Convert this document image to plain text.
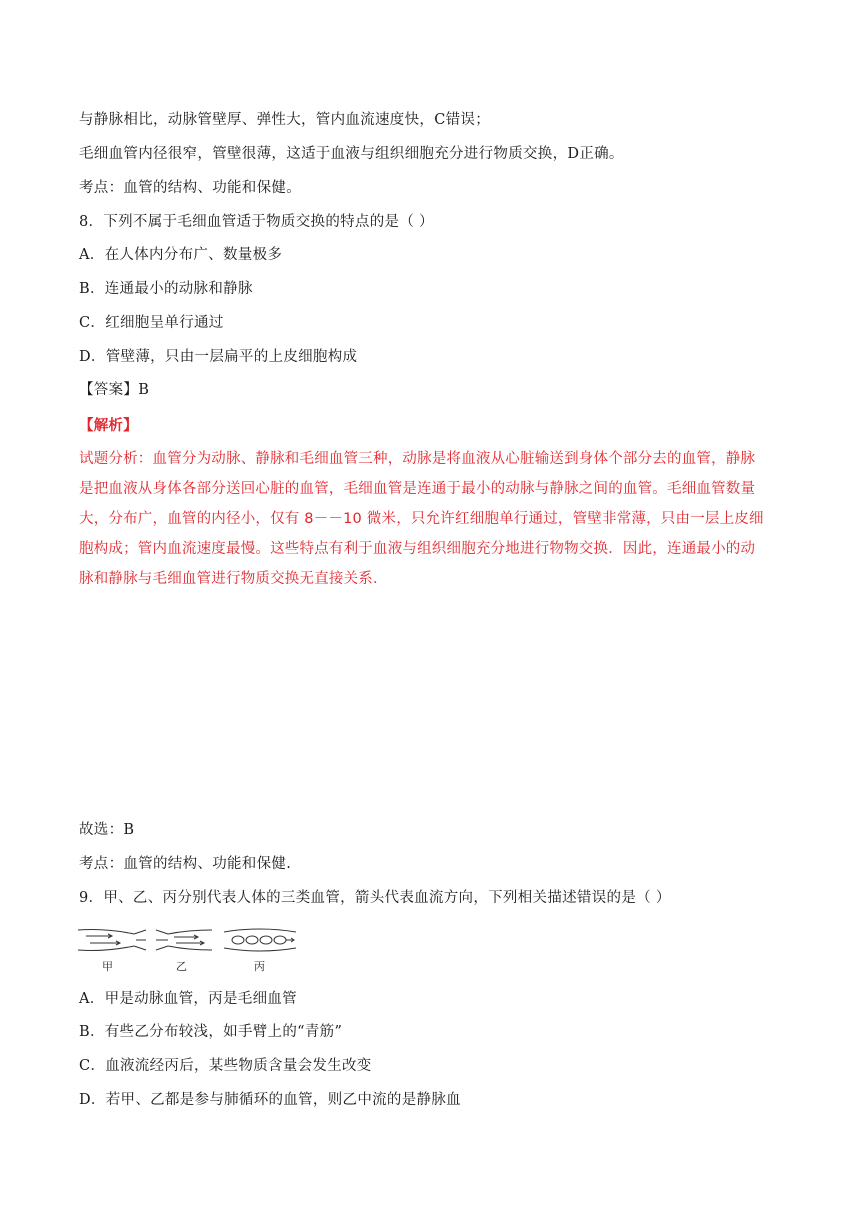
与静脉相比，动脉管壁厚、弹性大，管内血流速度快，C错误；
毛细血管内径很窄，管壁很薄，这适于血液与组织细胞充分进行物质交换，D正确。
考点：血管的结构、功能和保健。
8．下列不属于毛细血管适于物质交换的特点的是（ ）
A．在人体内分布广、数量极多
B．连通最小的动脉和静脉
C．红细胞呈单行通过
D．管壁薄，只由一层扁平的上皮细胞构成
【答案】B
【解析】
试题分析：血管分为动脉、静脉和毛细血管三种，动脉是将血液从心脏输送到身体个部分去的血管，静脉
是把血液从身体各部分送回心脏的血管，毛细血管是连通于最小的动脉与静脉之间的血管。毛细血管数量
大，分布广，血管的内径小，仅有 8－－10 微米，只允许红细胞单行通过，管壁非常薄，只由一层上皮细
胞构成；管内血流速度最慢。这些特点有利于血液与组织细胞充分地进行物物交换．因此，连通最小的动
脉和静脉与毛细血管进行物质交换无直接关系．
故选：B
考点：血管的结构、功能和保健.
9．甲、乙、丙分别代表人体的三类血管，箭头代表血流方向，下列相关描述错误的是（ ）
甲	乙	丙
A．甲是动脉血管，丙是毛细血管
B．有些乙分布较浅，如手臂上的“青筋”
C．血液流经丙后，某些物质含量会发生改变
D．若甲、乙都是参与肺循环的血管，则乙中流的是静脉血
